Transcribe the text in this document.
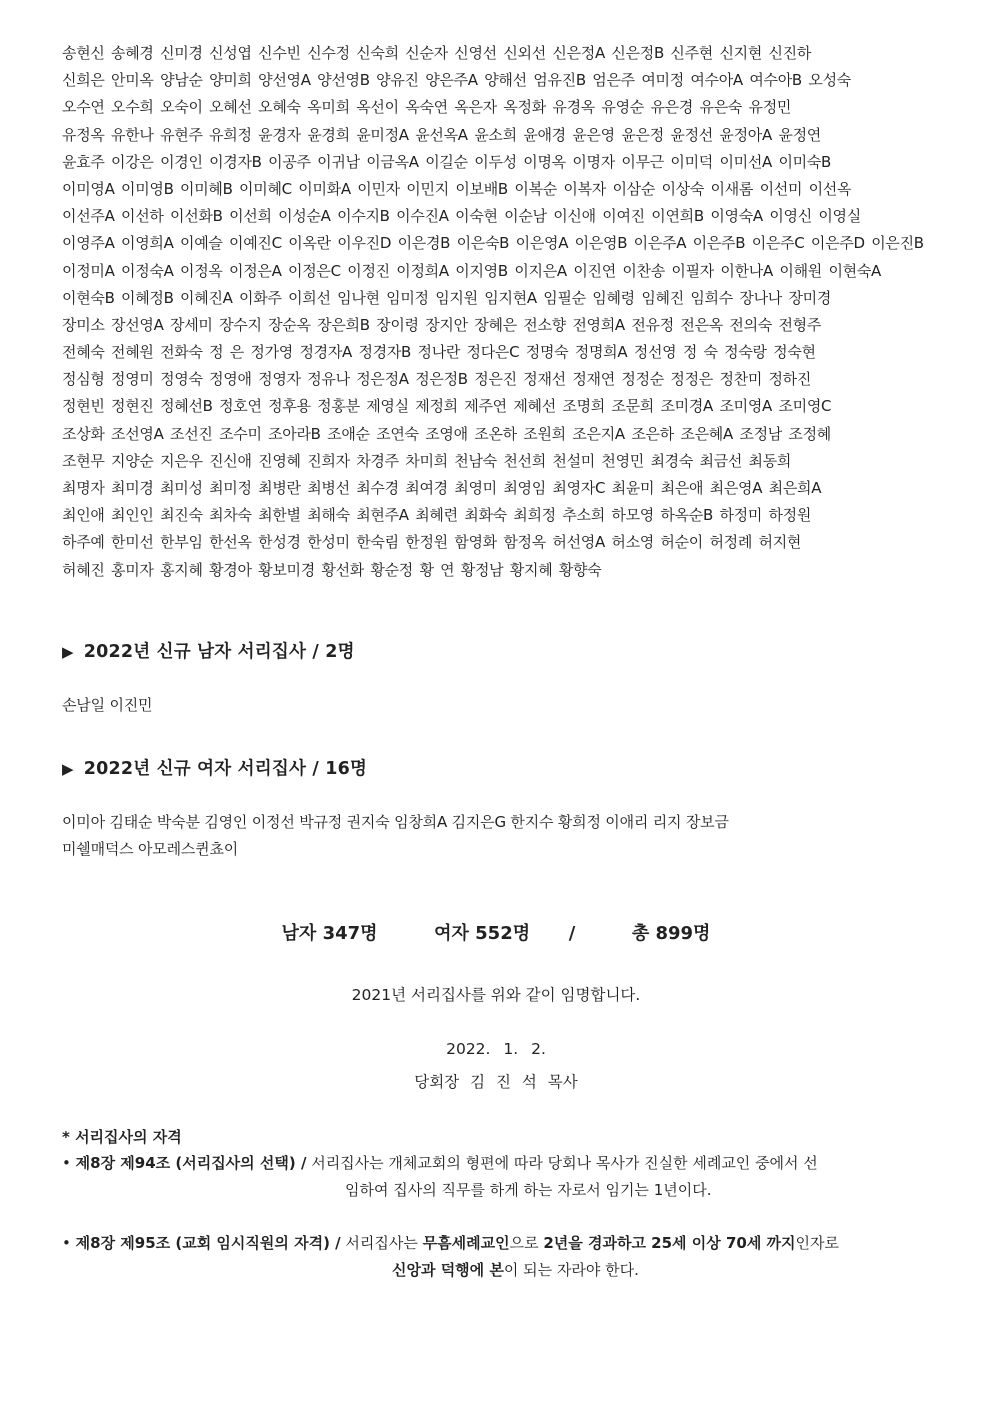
송현신 송혜경 신미경 신성엽 신수빈 신수정 신숙희 신순자 신영선 신외선 신은정A 신은정B 신주현 신지현 신진하
신희은 안미옥 양남순 양미희 양선영A 양선영B 양유진 양은주A 양해선 엄유진B 엄은주 여미정 여수아A 여수아B 오성숙
오수연 오수희 오숙이 오혜선 오혜숙 옥미희 옥선이 옥숙연 옥은자 옥정화 유경옥 유영순 유은경 유은숙 유정민
유정옥 유한나 유현주 유희정 윤경자 윤경희 윤미정A 윤선옥A 윤소희 윤애경 윤은영 윤은정 윤정선 윤정아A 윤정연
윤효주 이강은 이경인 이경자B 이공주 이귀남 이금옥A 이길순 이두성 이명옥 이명자 이무근 이미덕 이미선A 이미숙B
이미영A 이미영B 이미혜B 이미혜C 이미화A 이민자 이민지 이보배B 이복순 이복자 이삼순 이상숙 이새롬 이선미 이선옥
이선주A 이선하 이선화B 이선희 이성순A 이수지B 이수진A 이숙현 이순남 이신애 이여진 이연희B 이영숙A 이영신 이영실
이영주A 이영희A 이예슬 이예진C 이옥란 이우진D 이은경B 이은숙B 이은영A 이은영B 이은주A 이은주B 이은주C 이은주D 이은진B
이정미A 이정숙A 이정옥 이정은A 이정은C 이정진 이정희A 이지영B 이지은A 이진연 이찬송 이필자 이한나A 이해원 이현숙A
이현숙B 이혜정B 이혜진A 이화주 이희선 임나현 임미정 임지원 임지현A 임필순 임혜령 임혜진 임희수 장나나 장미경
장미소 장선영A 장세미 장수지 장순옥 장은희B 장이령 장지안 장혜은 전소향 전영희A 전유정 전은옥 전의숙 전형주
전혜숙 전혜원 전화숙 정 은 정가영 정경자A 정경자B 정나란 정다은C 정명숙 정명희A 정선영 정 숙 정숙랑 정숙현
정심형 정영미 정영숙 정영애 정영자 정유나 정은정A 정은정B 정은진 정재선 정재연 정정순 정정은 정찬미 정하진
정현빈 정현진 정혜선B 정호연 정후용 정홍분 제영실 제정희 제주연 제혜선 조명희 조문희 조미경A 조미영A 조미영C
조상화 조선영A 조선진 조수미 조아라B 조애순 조연숙 조영애 조온하 조원희 조은지A 조은하 조은혜A 조정남 조정혜
조현무 지양순 지은우 진신애 진영혜 진희자 차경주 차미희 천남숙 천선희 천설미 천영민 최경숙 최금선 최동희
최명자 최미경 최미성 최미정 최병란 최병선 최수경 최여경 최영미 최영임 최영자C 최윤미 최은애 최은영A 최은희A
최인애 최인인 최진숙 최차숙 최한별 최해숙 최현주A 최혜련 최화숙 최희정 추소희 하모영 하옥순B 하정미 하정원
하주예 한미선 한부임 한선옥 한성경 한성미 한숙림 한정원 함영화 함정옥 허선영A 허소영 허순이 허정례 허지현
허혜진 홍미자 홍지혜 황경아 황보미경 황선화 황순정 황 연 황정남 황지혜 황향숙
▶ 2022년 신규 남자 서리집사 / 2명
손남일 이진민
▶ 2022년 신규 여자 서리집사 / 16명
이미아 김태순 박숙분 김영인 이정선 박규정 권지숙 임창희A 김지은G 한지수 황희정 이애리 리지 장보금
미쉘매덕스 아모레스퀸쵸이
남자 347명	여자 552명 /	총 899명
2021년 서리집사를 위와 같이 임명합니다.
2022. 1. 2.
당회장 김 진 석 목사
* 서리집사의 자격
• 제8장 제94조 (서리집사의 선택) / 서리집사는 개체교회의 형편에 따라 당회나 목사가 진실한 세례교인 중에서 선
임하여 집사의 직무를 하게 하는 자로서 임기는 1년이다.
• 제8장 제95조 (교회 임시직원의 자격) / 서리집사는 무흠세례교인으로 2년을 경과하고 25세 이상 70세 까지인자로
신앙과 덕행에 본이 되는 자라야 한다.
